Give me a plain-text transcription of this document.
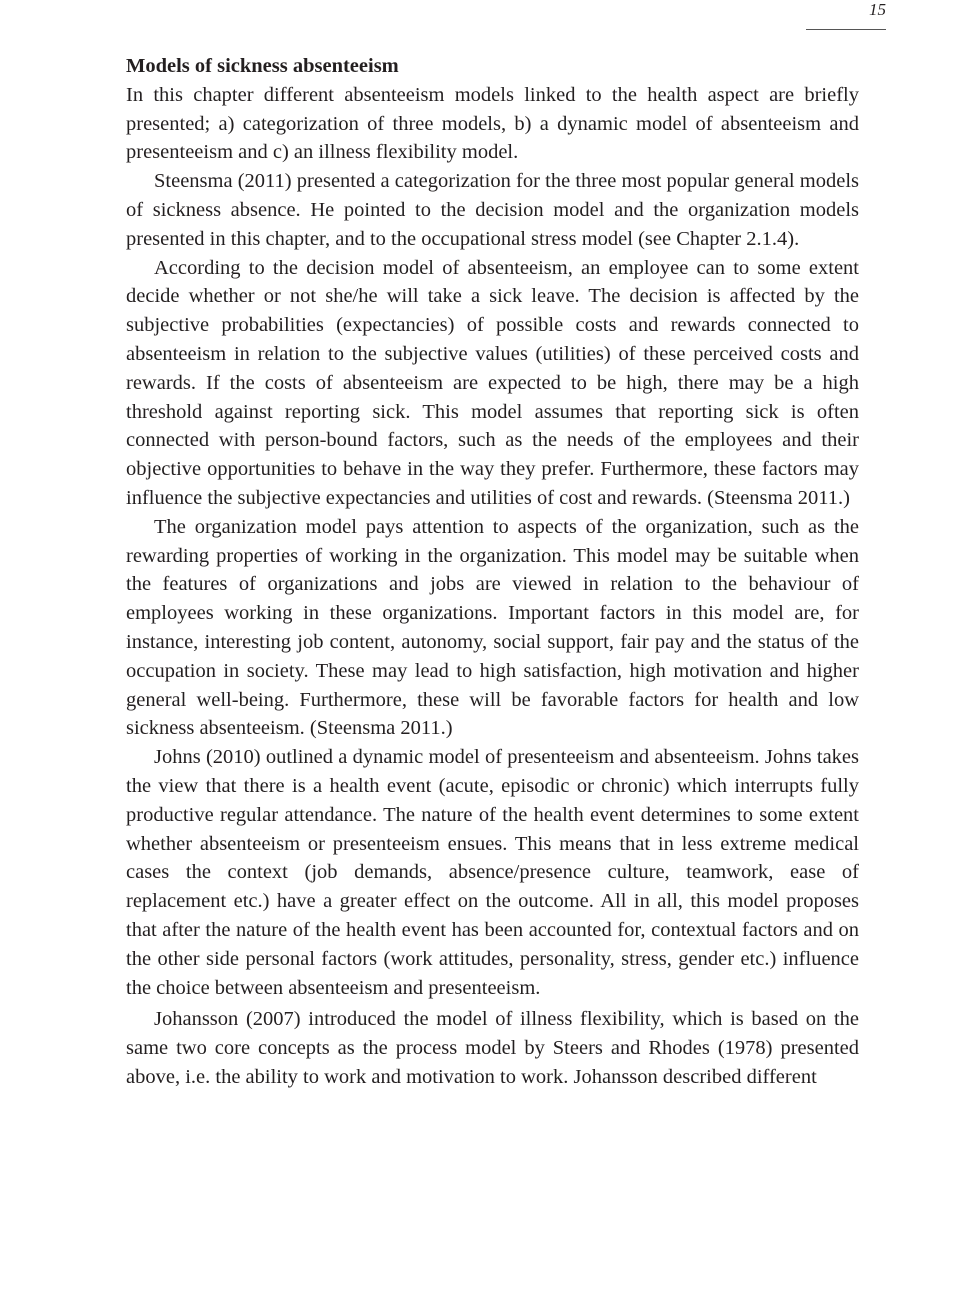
15
Models of sickness absenteeism

In this chapter different absenteeism models linked to the health aspect are briefly presented; a) categorization of three models, b) a dynamic model of absenteeism and presenteeism and c) an illness flexibility model.

Steensma (2011) presented a categorization for the three most popular general models of sickness absence. He pointed to the decision model and the organization models presented in this chapter, and to the occupational stress model (see Chapter 2.1.4).

According to the decision model of absenteeism, an employee can to some extent decide whether or not she/he will take a sick leave. The decision is affected by the subjective probabilities (expectancies) of possible costs and rewards connected to absenteeism in relation to the subjective values (utilities) of these perceived costs and rewards. If the costs of absenteeism are expected to be high, there may be a high threshold against reporting sick. This model assumes that reporting sick is often connected with person-bound factors, such as the needs of the employees and their objective opportunities to behave in the way they prefer. Furthermore, these factors may influence the subjective expectancies and utilities of cost and rewards. (Steensma 2011.)

The organization model pays attention to aspects of the organization, such as the rewarding properties of working in the organization. This model may be suitable when the features of organizations and jobs are viewed in relation to the behaviour of employees working in these organizations. Important factors in this model are, for instance, interesting job content, autonomy, social support, fair pay and the status of the occupation in society. These may lead to high satisfaction, high motivation and higher general well-being. Furthermore, these will be favorable factors for health and low sickness absenteeism. (Steensma 2011.)

Johns (2010) outlined a dynamic model of presenteeism and absenteeism. Johns takes the view that there is a health event (acute, episodic or chronic) which interrupts fully productive regular attendance. The nature of the health event determines to some extent whether absenteeism or presenteeism ensues. This means that in less extreme medical cases the context (job demands, absence/presence culture, teamwork, ease of replacement etc.) have a greater effect on the outcome. All in all, this model proposes that after the nature of the health event has been accounted for, contextual factors and on the other side personal factors (work attitudes, personality, stress, gender etc.) influence the choice between absenteeism and presenteeism.

Johansson (2007) introduced the model of illness flexibility, which is based on the same two core concepts as the process model by Steers and Rhodes (1978) presented above, i.e. the ability to work and motivation to work. Johansson described different
